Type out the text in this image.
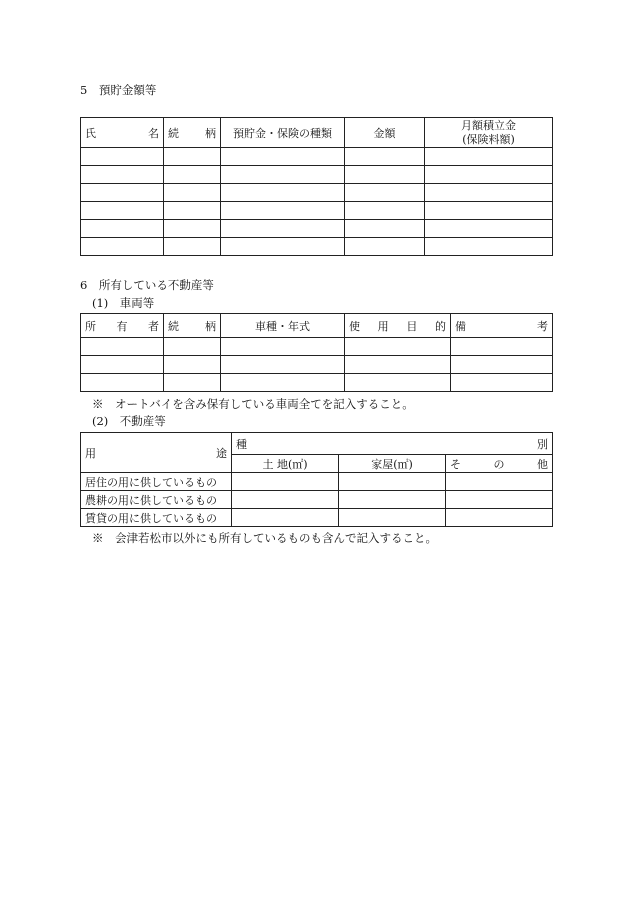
5　預貯金額等
氏　　名	続　柄	預貯金・保険の種類	金額	月額積立金
(保険料額)

6　所有している不動産等
(1)　車両等
所　有　者	続　柄	車種・年式	使　用　目　的	備　　　考

※　オートバイを含み保有している車両全てを記入すること。
(2)　不動産等
用　　途	種　　　別		
	土 地(㎡)	家屋(㎡)	そ　の　他
居住の用に供しているもの			
農耕の用に供しているもの			
賃貸の用に供しているもの			
※　会津若松市以外にも所有しているものも含んで記入すること。
